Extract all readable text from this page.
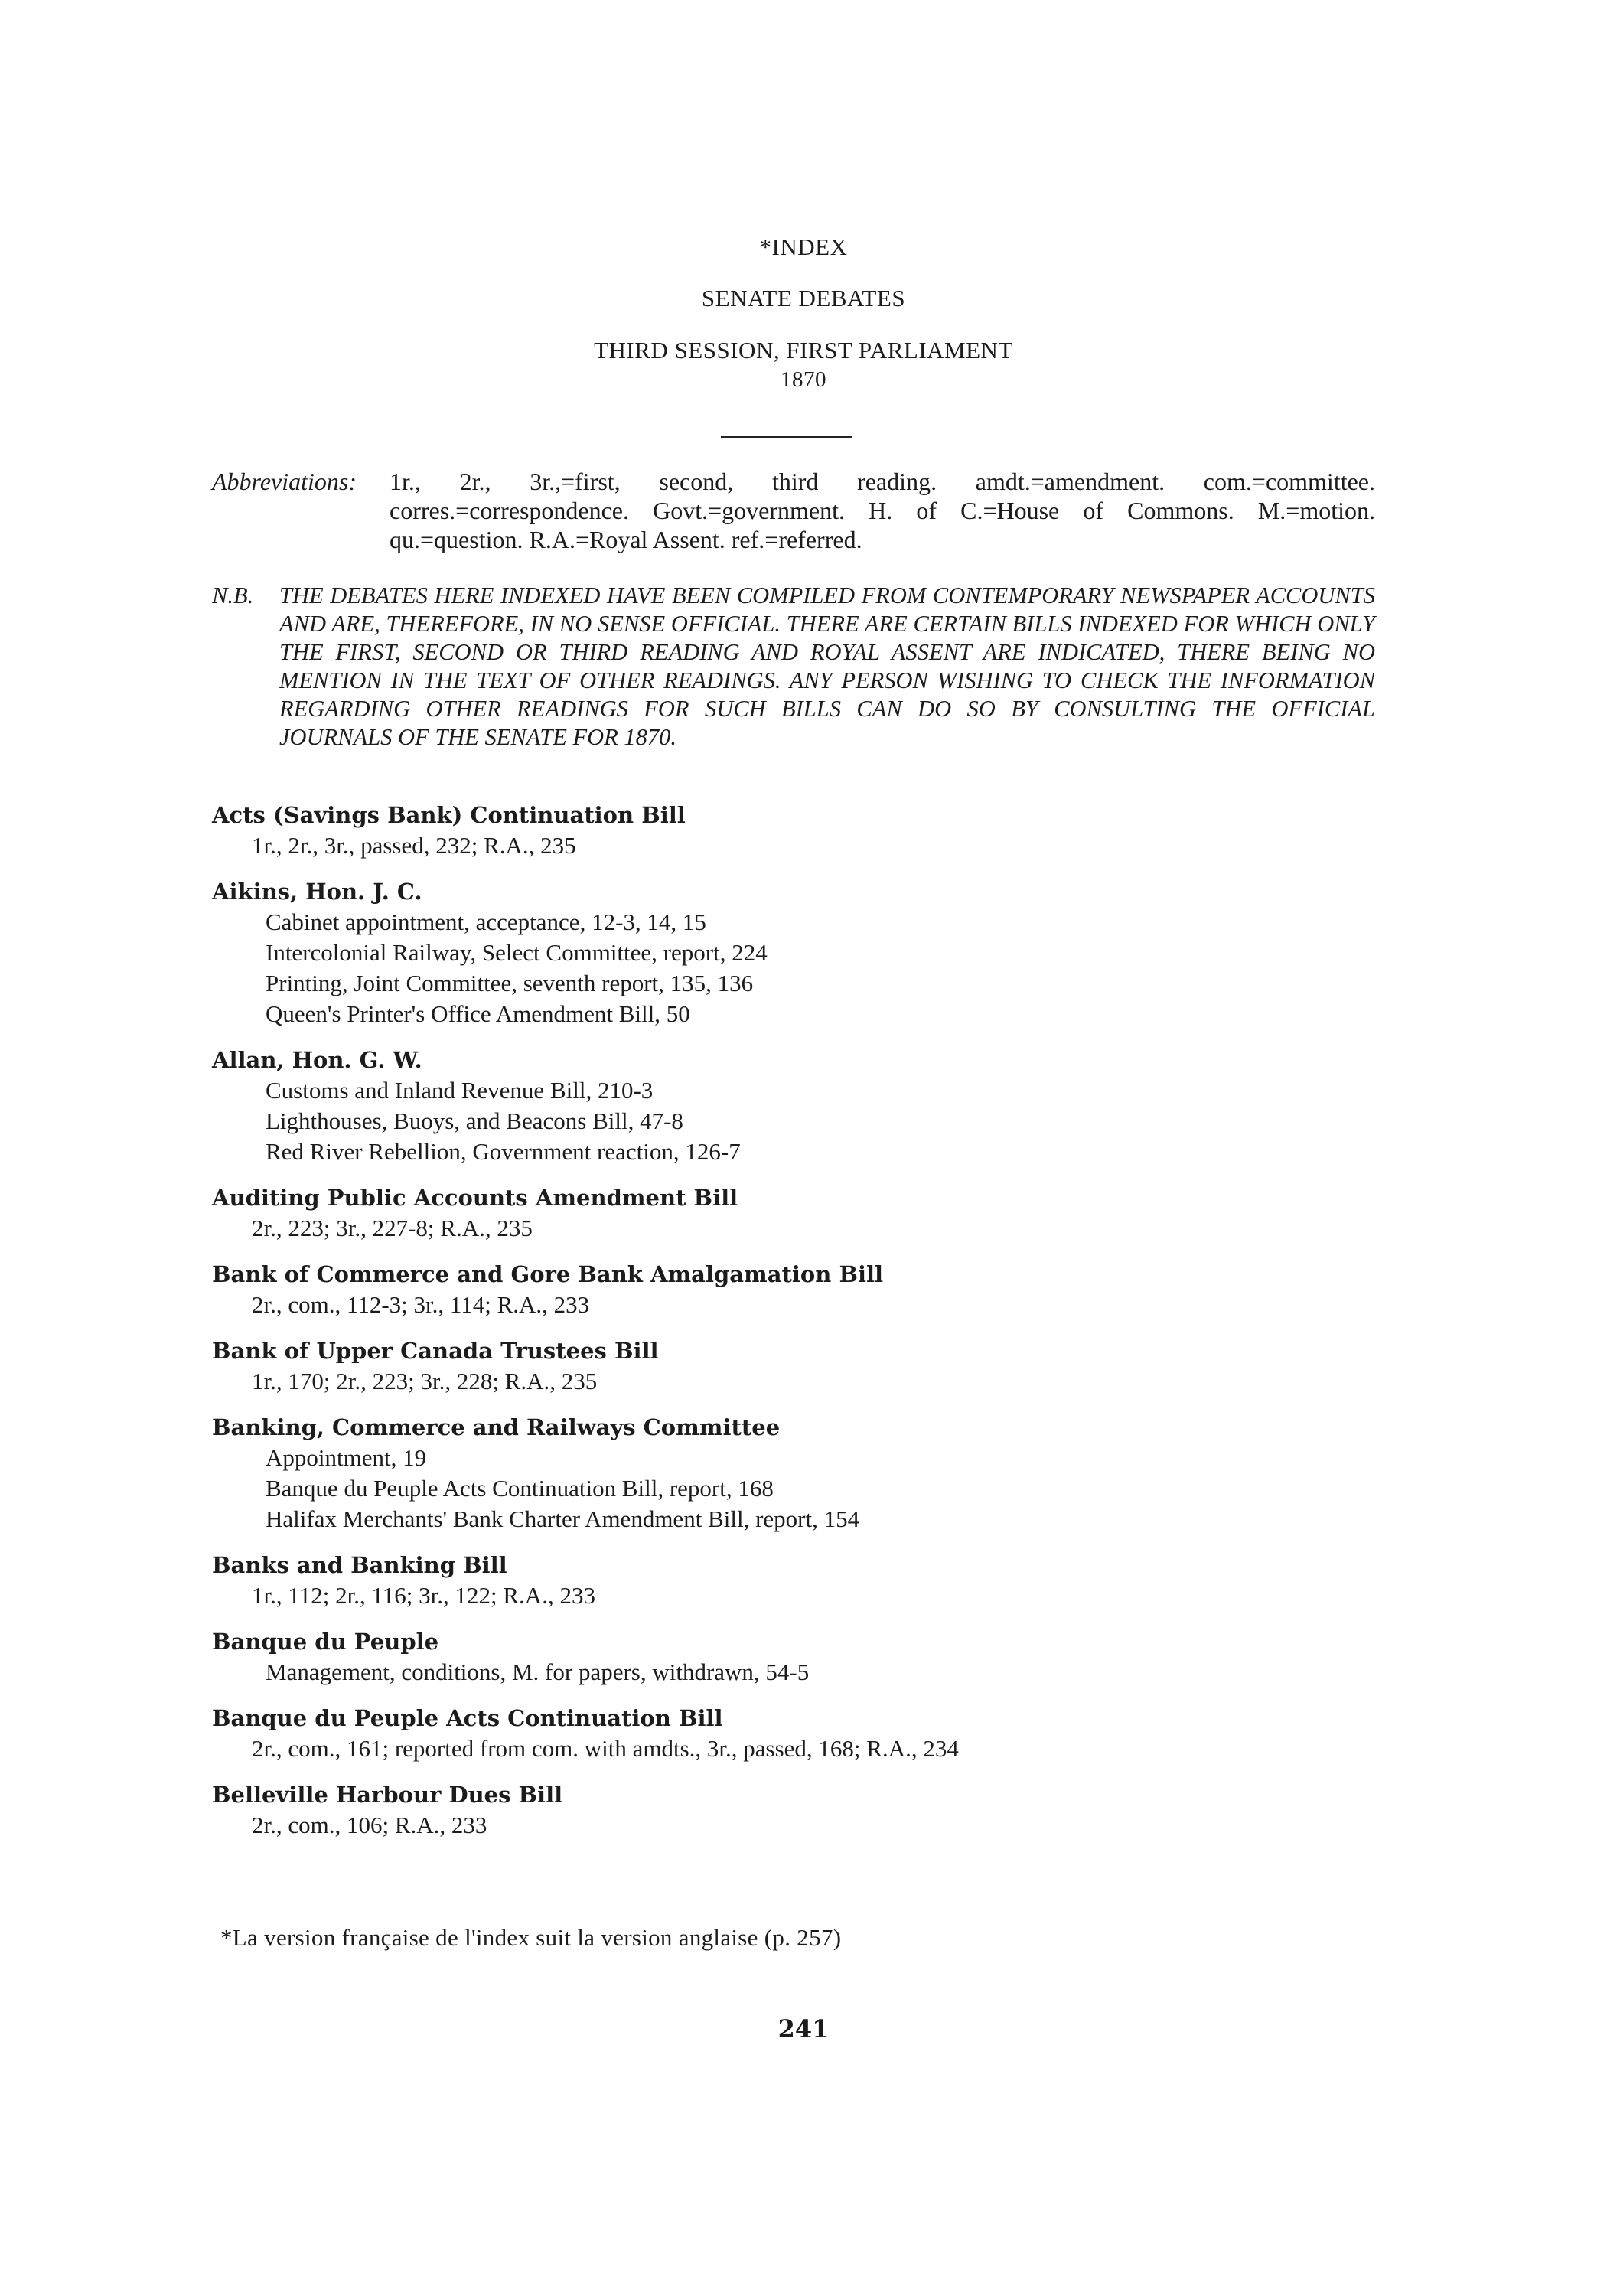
*INDEX
SENATE DEBATES
THIRD SESSION, FIRST PARLIAMENT
1870
Abbreviations: 1r., 2r., 3r.,=first, second, third reading. amdt.=amendment. com.=committee. corres.=correspondence. Govt.=government. H. of C.=House of Commons. M.=motion. qu.=question. R.A.=Royal Assent. ref.=referred.
N.B. THE DEBATES HERE INDEXED HAVE BEEN COMPILED FROM CONTEMPORARY NEWSPAPER ACCOUNTS AND ARE, THEREFORE, IN NO SENSE OFFICIAL. THERE ARE CERTAIN BILLS INDEXED FOR WHICH ONLY THE FIRST, SECOND OR THIRD READING AND ROYAL ASSENT ARE INDICATED, THERE BEING NO MENTION IN THE TEXT OF OTHER READINGS. ANY PERSON WISHING TO CHECK THE INFORMATION REGARDING OTHER READINGS FOR SUCH BILLS CAN DO SO BY CONSULTING THE OFFICIAL JOURNALS OF THE SENATE FOR 1870.
Acts (Savings Bank) Continuation Bill
1r., 2r., 3r., passed, 232; R.A., 235
Aikins, Hon. J. C.
Cabinet appointment, acceptance, 12-3, 14, 15
Intercolonial Railway, Select Committee, report, 224
Printing, Joint Committee, seventh report, 135, 136
Queen's Printer's Office Amendment Bill, 50
Allan, Hon. G. W.
Customs and Inland Revenue Bill, 210-3
Lighthouses, Buoys, and Beacons Bill, 47-8
Red River Rebellion, Government reaction, 126-7
Auditing Public Accounts Amendment Bill
2r., 223; 3r., 227-8; R.A., 235
Bank of Commerce and Gore Bank Amalgamation Bill
2r., com., 112-3; 3r., 114; R.A., 233
Bank of Upper Canada Trustees Bill
1r., 170; 2r., 223; 3r., 228; R.A., 235
Banking, Commerce and Railways Committee
Appointment, 19
Banque du Peuple Acts Continuation Bill, report, 168
Halifax Merchants' Bank Charter Amendment Bill, report, 154
Banks and Banking Bill
1r., 112; 2r., 116; 3r., 122; R.A., 233
Banque du Peuple
Management, conditions, M. for papers, withdrawn, 54-5
Banque du Peuple Acts Continuation Bill
2r., com., 161; reported from com. with amdts., 3r., passed, 168; R.A., 234
Belleville Harbour Dues Bill
2r., com., 106; R.A., 233
*La version française de l'index suit la version anglaise (p. 257)
241
